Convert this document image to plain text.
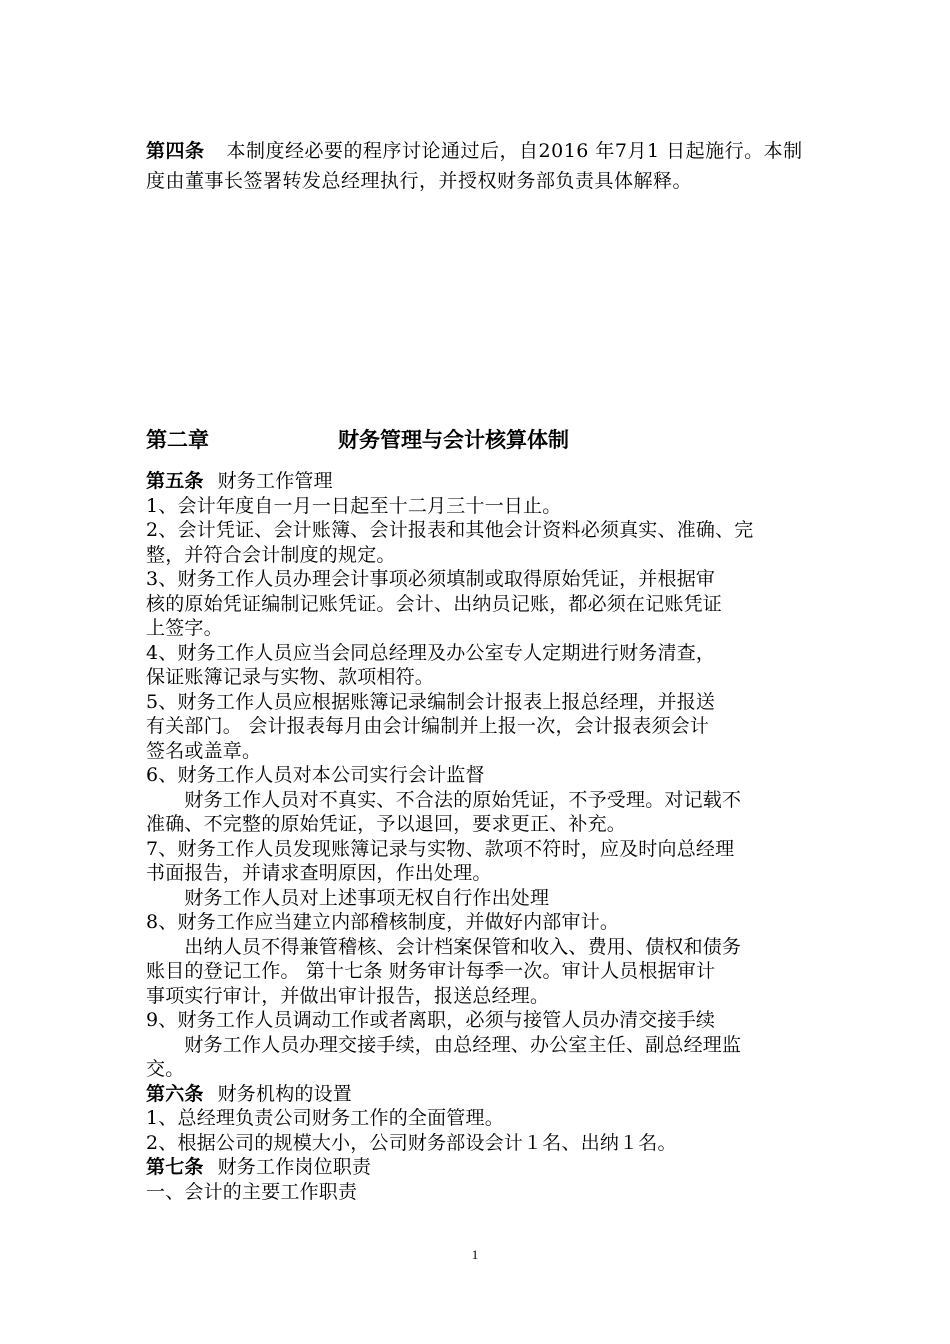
第四条 本制度经必要的程序讨论通过后，自2016 年7月1 日起施行。本制度由董事长签署转发总经理执行，并授权财务部负责具体解释。
第二章	财务管理与会计核算体制
第五条 财务工作管理
1、会计年度自一月一日起至十二月三十一日止。
2、会计凭证、会计账簿、会计报表和其他会计资料必须真实、准确、完
整，并符合会计制度的规定。
3、财务工作人员办理会计事项必须填制或取得原始凭证，并根据审
核的原始凭证编制记账凭证。会计、出纳员记账，都必须在记账凭证
上签字。
4、财务工作人员应当会同总经理及办公室专人定期进行财务清查，
保证账簿记录与实物、款项相符。
5、财务工作人员应根据账簿记录编制会计报表上报总经理，并报送
有关部门。 会计报表每月由会计编制并上报一次，会计报表须会计
签名或盖章。
6、财务工作人员对本公司实行会计监督
　　财务工作人员对不真实、不合法的原始凭证，不予受理。对记载不
准确、不完整的原始凭证，予以退回，要求更正、补充。
7、财务工作人员发现账簿记录与实物、款项不符时，应及时向总经理
书面报告，并请求查明原因，作出处理。
　　财务工作人员对上述事项无权自行作出处理
8、财务工作应当建立内部稽核制度，并做好内部审计。
　　出纳人员不得兼管稽核、会计档案保管和收入、费用、债权和债务
账目的登记工作。 第十七条 财务审计每季一次。审计人员根据审计
事项实行审计，并做出审计报告，报送总经理。
9、财务工作人员调动工作或者离职，必须与接管人员办清交接手续
　　财务工作人员办理交接手续，由总经理、办公室主任、副总经理监
交。
第六条 财务机构的设置
1、总经理负责公司财务工作的全面管理。
2、根据公司的规模大小，公司财务部设会计１名、出纳１名。
第七条 财务工作岗位职责
一、会计的主要工作职责
1
